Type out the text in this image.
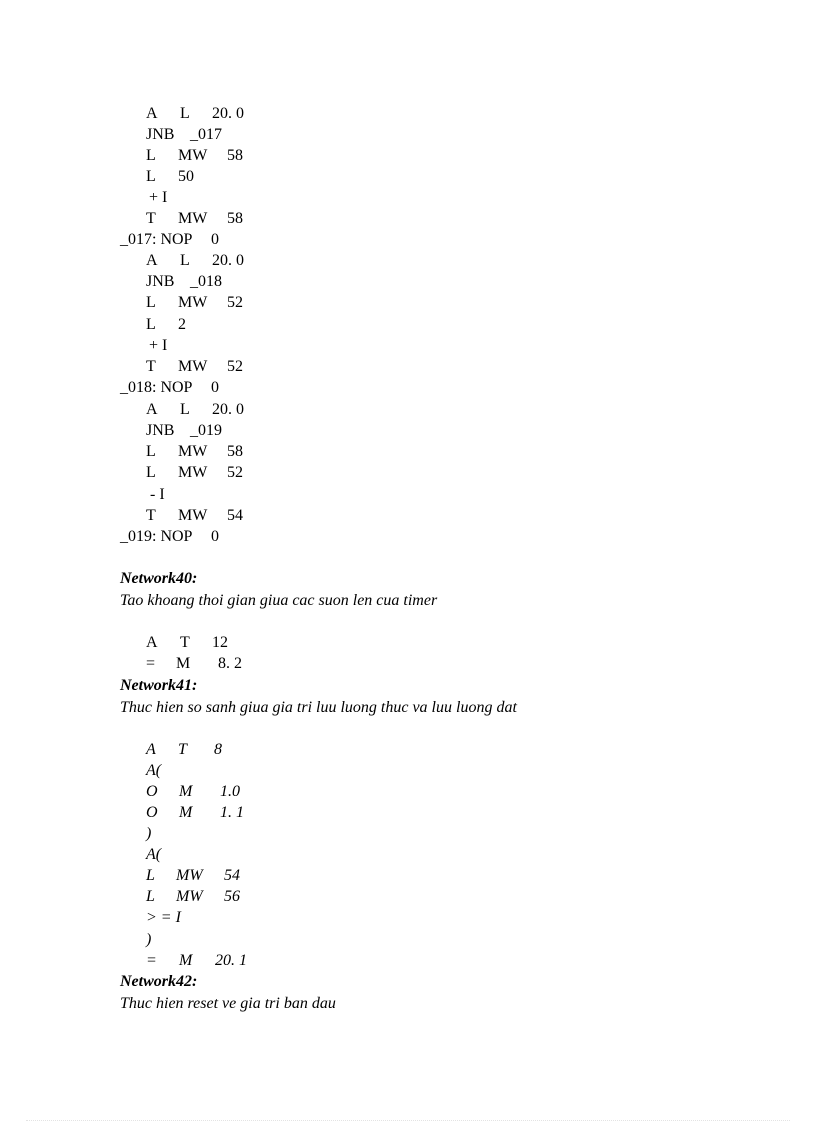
A

L

20. 0

JNB

_017

L

MW

58

L

50

+ I

T

MW

58

_017: NOP

0

A

L

20. 0

JNB

_018

L

MW

52

L

2

+ I

T

MW

52

_018: NOP

0

A

L

20. 0

JNB

_019

L

MW

58

L

MW

52

- I

T

MW

54

_019: NOP

0

Network40:
Tao khoang thoi gian giua cac suon len cua timer

A

T

12

=

M

8. 2

Network41:
Thuc hien so sanh giua gia tri luu luong thuc va luu luong dat

A

T

8

A(

O

M

1.0

O

M

1. 1

)

A(

L

MW

54

L

MW

56

> = I

)

=

M

20. 1

Network42:
Thuc hien reset ve gia tri ban dau
